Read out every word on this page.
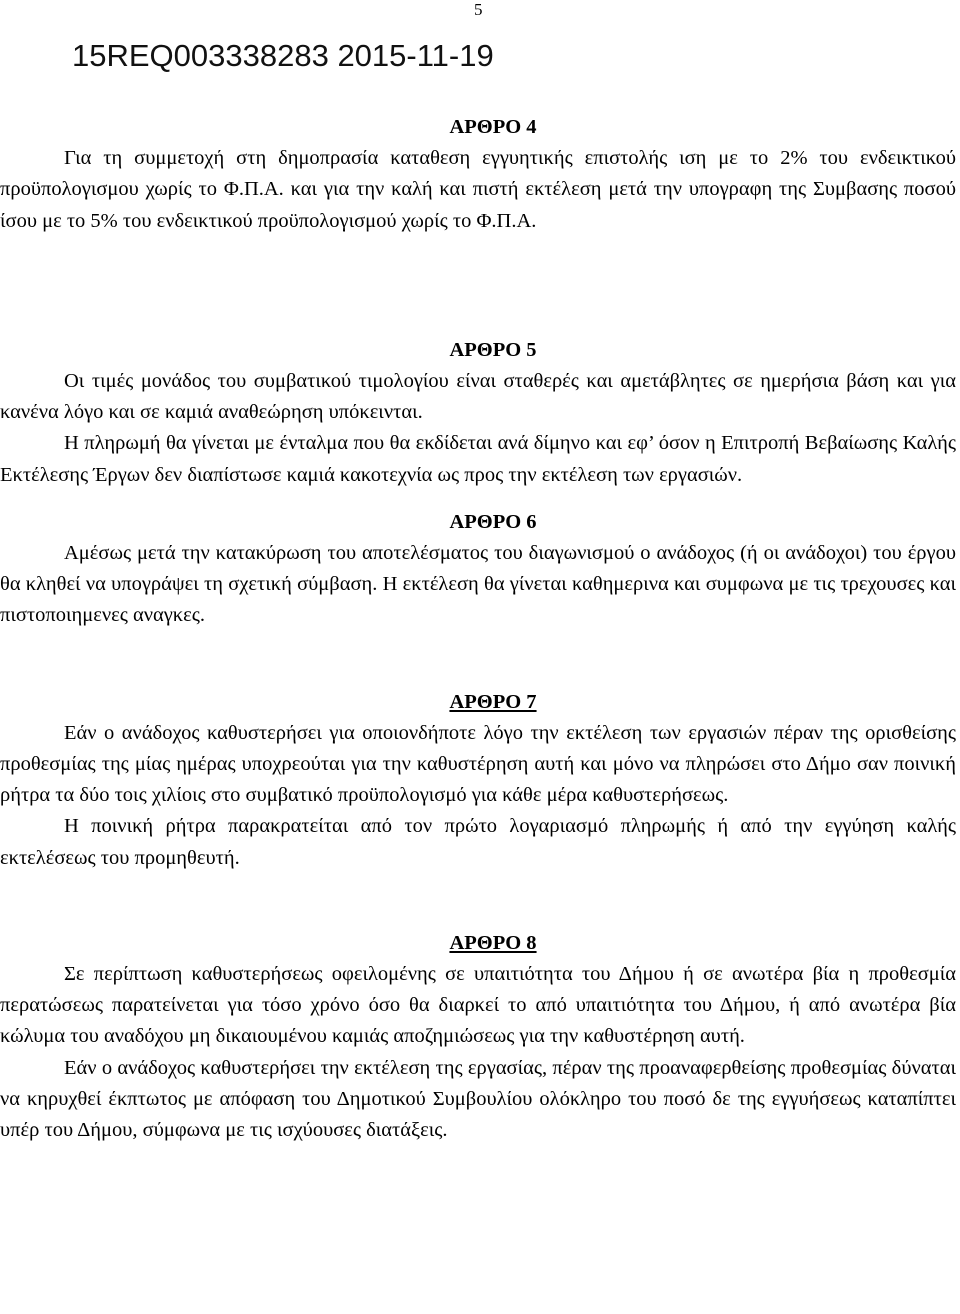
5
15REQ003338283 2015-11-19
ΑΡΘΡΟ 4

Για τη συμμετοχή στη δημοπρασία καταθεση εγγυητικής επιστολής ιση με το 2% του ενδεικτικού προϋπολογισμου χωρίς το Φ.Π.Α. και για την καλή και πιστή εκτέλεση μετά την υπογραφη της Συμβασης ποσού ίσου με το 5% του ενδεικτικού προϋπολογισμού χωρίς το Φ.Π.Α.

ΑΡΘΡΟ 5

Οι τιμές μονάδος του συμβατικού τιμολογίου είναι σταθερές και αμετάβλητες σε ημερήσια βάση και για κανένα λόγο και σε καμιά αναθεώρηση υπόκεινται.

Η πληρωμή θα γίνεται με ένταλμα που θα εκδίδεται ανά δίμηνο και εφ’ όσον η Επιτροπή Βεβαίωσης Καλής Εκτέλεσης Έργων δεν διαπίστωσε καμιά κακοτεχνία ως προς την εκτέλεση των εργασιών.

ΑΡΘΡΟ 6

Αμέσως μετά την κατακύρωση του αποτελέσματος του διαγωνισμού ο ανάδοχος (ή οι ανάδοχοι) του έργου θα κληθεί να υπογράψει τη σχετική σύμβαση. Η εκτέλεση θα γίνεται καθημερινα και συμφωνα με τις τρεχουσες και πιστοποιημενες αναγκες.

ΑΡΘΡΟ 7

Εάν ο ανάδοχος καθυστερήσει για οποιονδήποτε λόγο την εκτέλεση των εργασιών πέραν της ορισθείσης προθεσμίας της μίας ημέρας υποχρεούται για την καθυστέρηση αυτή και μόνο να πληρώσει στο Δήμο σαν ποινική ρήτρα τα δύο τοις χιλίοις στο συμβατικό προϋπολογισμό για κάθε μέρα καθυστερήσεως.

Η ποινική ρήτρα παρακρατείται από τον πρώτο λογαριασμό πληρωμής ή από την εγγύηση καλής εκτελέσεως του προμηθευτή.

ΑΡΘΡΟ 8

Σε περίπτωση καθυστερήσεως οφειλομένης σε υπαιτιότητα του Δήμου ή σε ανωτέρα βία η προθεσμία περατώσεως παρατείνεται για τόσο χρόνο όσο θα διαρκεί το από υπαιτιότητα του Δήμου, ή από ανωτέρα βία κώλυμα του αναδόχου μη δικαιουμένου καμιάς αποζημιώσεως για την καθυστέρηση αυτή.

Εάν ο ανάδοχος καθυστερήσει την εκτέλεση της εργασίας, πέραν της προαναφερθείσης προθεσμίας δύναται να κηρυχθεί έκπτωτος με απόφαση του Δημοτικού Συμβουλίου ολόκληρο του ποσό δε της εγγυήσεως καταπίπτει υπέρ του Δήμου, σύμφωνα με τις ισχύουσες διατάξεις.
